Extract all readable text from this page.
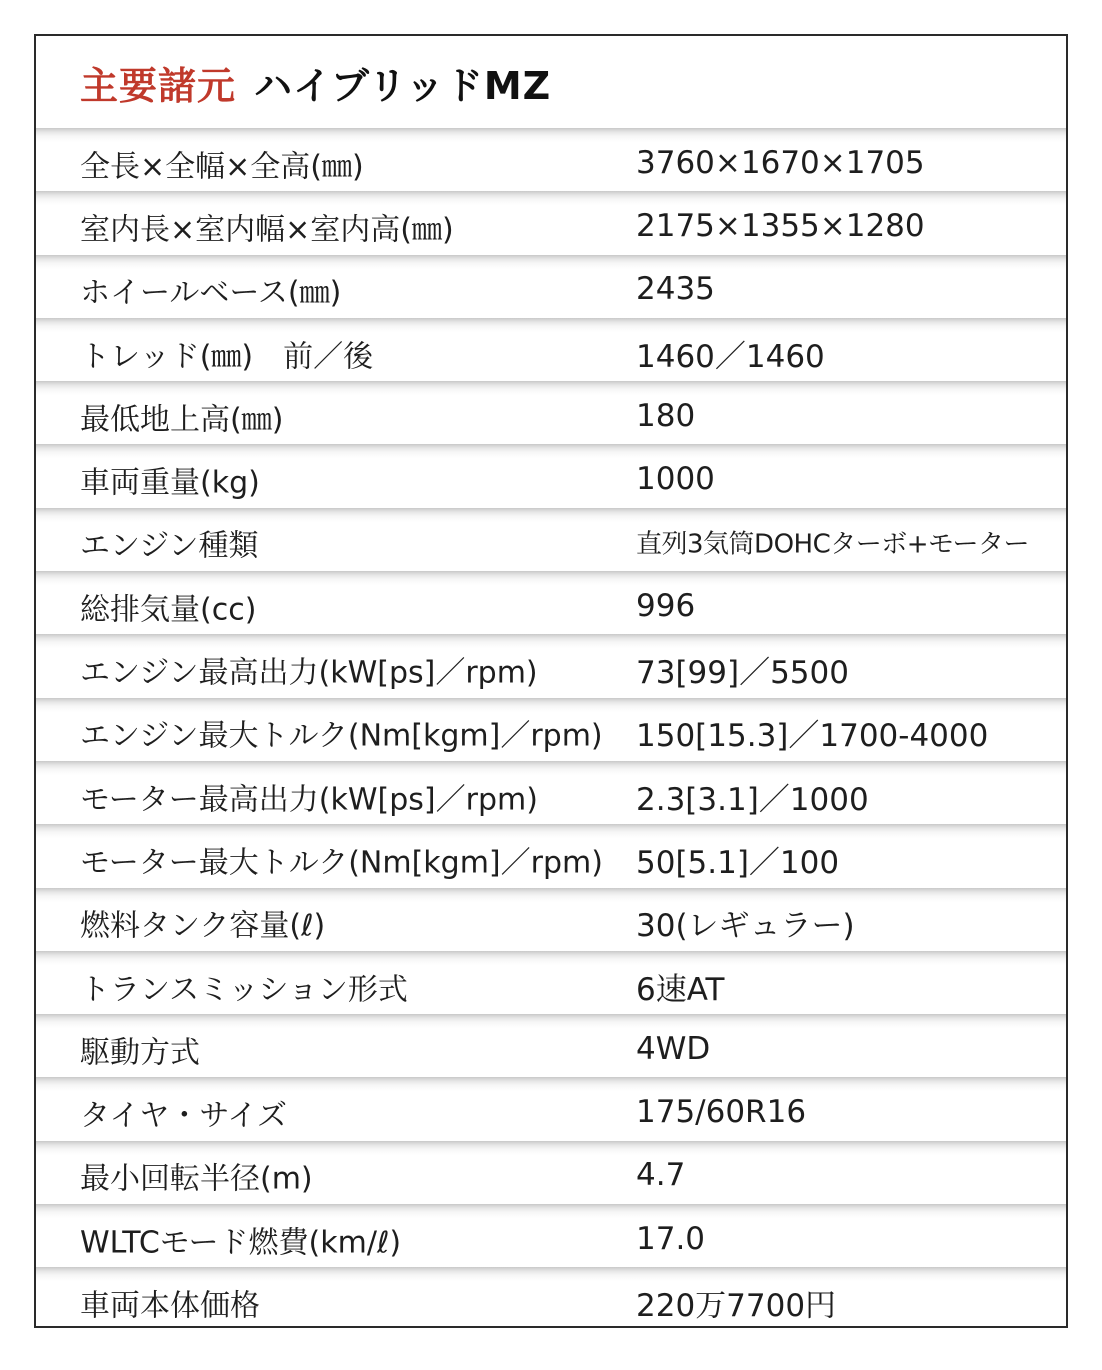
主要諸元 ハイブリッドMZ
全長×全幅×全高(㎜)	3760×1670×1705
室内長×室内幅×室内高(㎜)	2175×1355×1280
ホイールベース(㎜)	2435
トレッド(㎜)　前／後	1460／1460
最低地上高(㎜)	180
車両重量(kg)	1000
エンジン種類	直列3気筒DOHCターボ+モーター
総排気量(cc)	996
エンジン最高出力(kW[ps]／rpm)	73[99]／5500
エンジン最大トルク(Nm[kgm]／rpm) 150[15.3]／1700-4000
モーター最高出力(kW[ps]／rpm)	2.3[3.1]／1000
モーター最大トルク(Nm[kgm]／rpm) 50[5.1]／100
燃料タンク容量(ℓ)	30(レギュラー)
トランスミッション形式	6速AT
駆動方式	4WD
タイヤ・サイズ	175/60R16
最小回転半径(m)	4.7
WLTCモード燃費(km/ℓ)	17.0
車両本体価格	220万7700円
